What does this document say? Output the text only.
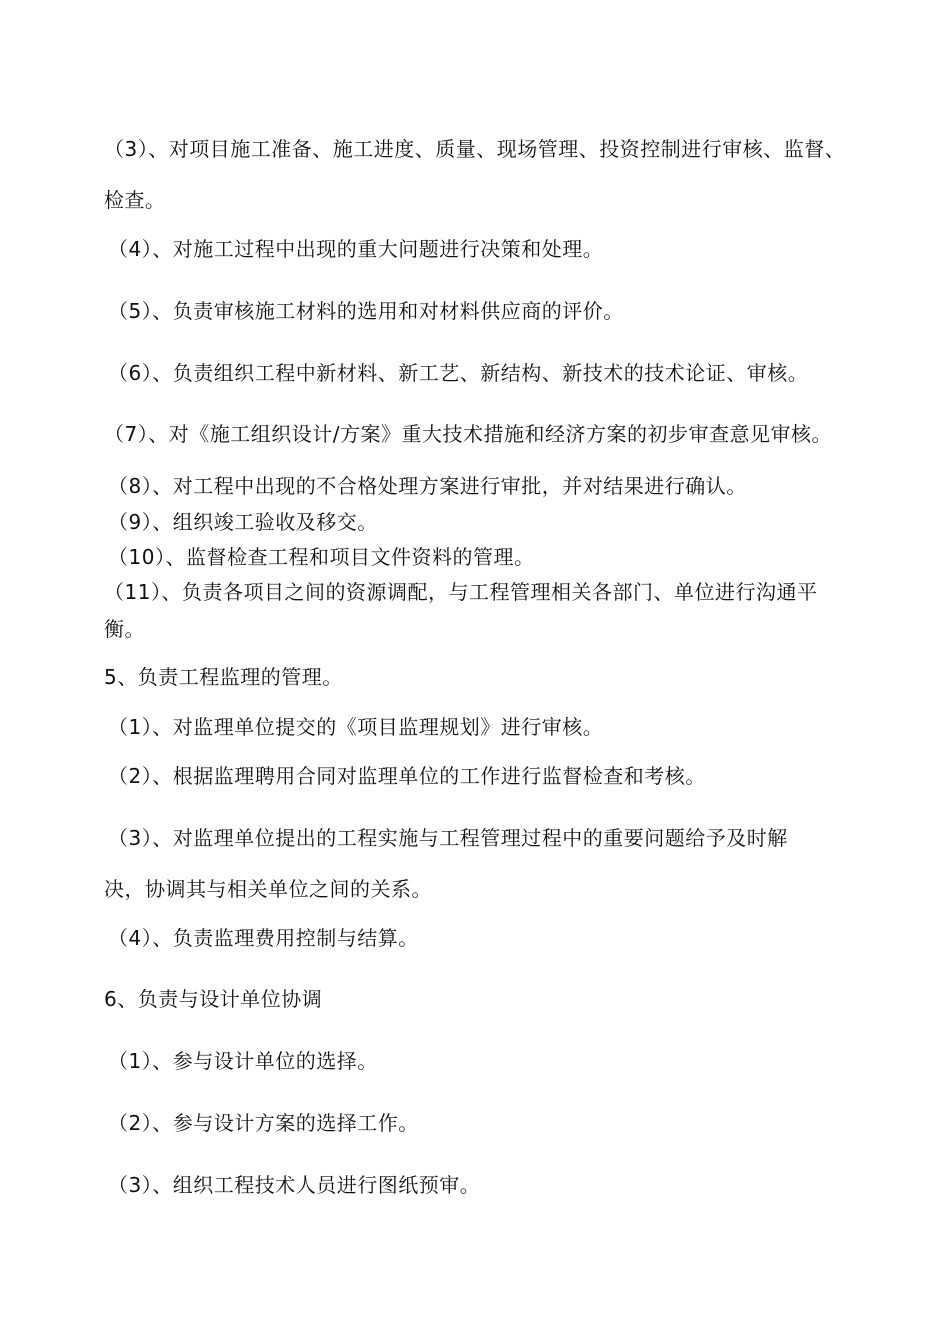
（3）、对项目施工准备、施工进度、质量、现场管理、投资控制进行审核、监督、
检查。
（4）、对施工过程中出现的重大问题进行决策和处理。
（5）、负责审核施工材料的选用和对材料供应商的评价。
（6）、负责组织工程中新材料、新工艺、新结构、新技术的技术论证、审核。
（7）、对《施工组织设计/方案》重大技术措施和经济方案的初步审查意见审核。
（8）、对工程中出现的不合格处理方案进行审批，并对结果进行确认。
（9）、组织竣工验收及移交。
（10）、监督检查工程和项目文件资料的管理。
（11）、负责各项目之间的资源调配，与工程管理相关各部门、单位进行沟通平
衡。
5、负责工程监理的管理。
（1）、对监理单位提交的《项目监理规划》进行审核。
（2）、根据监理聘用合同对监理单位的工作进行监督检查和考核。
（3）、对监理单位提出的工程实施与工程管理过程中的重要问题给予及时解
决，协调其与相关单位之间的关系。
（4）、负责监理费用控制与结算。
6、负责与设计单位协调
（1）、参与设计单位的选择。
（2）、参与设计方案的选择工作。
（3）、组织工程技术人员进行图纸预审。
